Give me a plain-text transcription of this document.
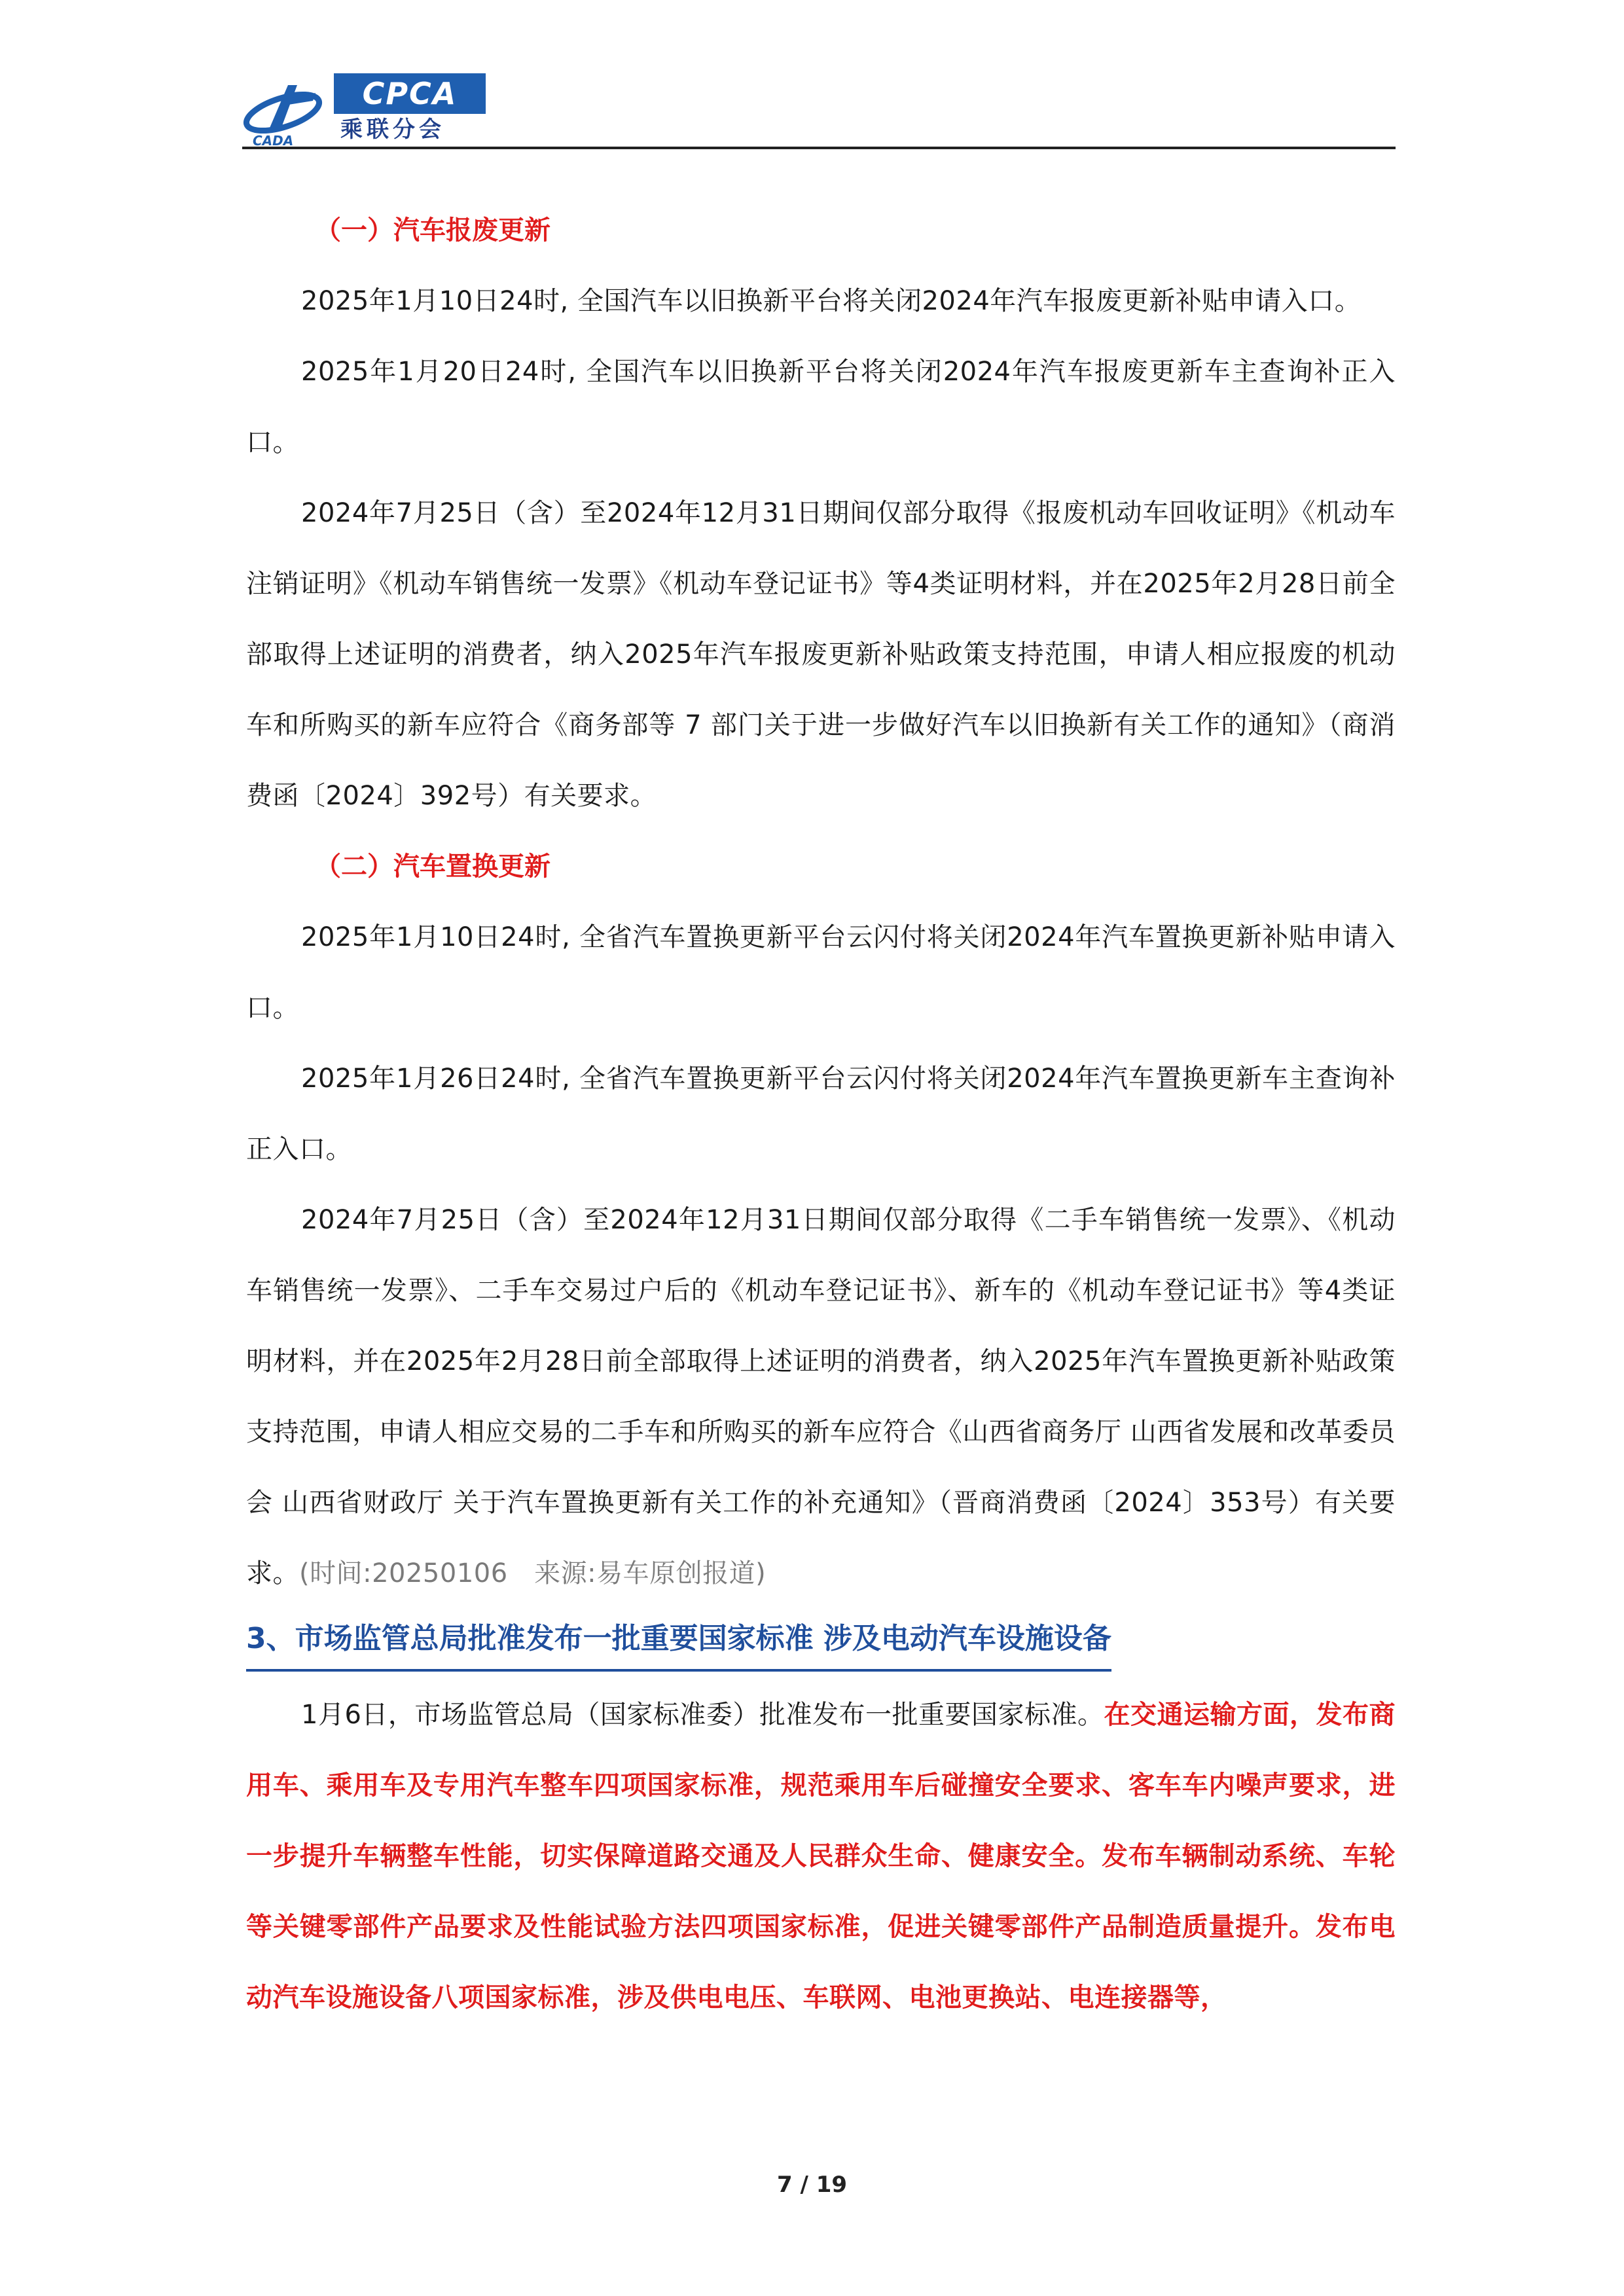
CADA
CPCA
乘联分会

（一）汽车报废更新

2025年1月10日24时, 全国汽车以旧换新平台将关闭2024年汽车报废更新补贴申请入口。

2025年1月20日24时, 全国汽车以旧换新平台将关闭2024年汽车报废更新车主查询补正入口。

2024年7月25日（含）至2024年12月31日期间仅部分取得《报废机动车回收证明》《机动车注销证明》《机动车销售统一发票》《机动车登记证书》等4类证明材料，并在2025年2月28日前全部取得上述证明的消费者，纳入2025年汽车报废更新补贴政策支持范围，申请人相应报废的机动车和所购买的新车应符合《商务部等 7 部门关于进一步做好汽车以旧换新有关工作的通知》（商消费函〔2024〕392号）有关要求。

（二）汽车置换更新

2025年1月10日24时, 全省汽车置换更新平台云闪付将关闭2024年汽车置换更新补贴申请入口。

2025年1月26日24时, 全省汽车置换更新平台云闪付将关闭2024年汽车置换更新车主查询补正入口。

2024年7月25日（含）至2024年12月31日期间仅部分取得《二手车销售统一发票》、《机动车销售统一发票》、二手车交易过户后的《机动车登记证书》、新车的《机动车登记证书》等4类证明材料，并在2025年2月28日前全部取得上述证明的消费者，纳入2025年汽车置换更新补贴政策支持范围，申请人相应交易的二手车和所购买的新车应符合《山西省商务厅 山西省发展和改革委员会 山西省财政厅 关于汽车置换更新有关工作的补充通知》（晋商消费函〔2024〕353号）有关要求。(时间:20250106　来源:易车原创报道)

3、市场监管总局批准发布一批重要国家标准 涉及电动汽车设施设备

1月6日，市场监管总局（国家标准委）批准发布一批重要国家标准。在交通运输方面，发布商用车、乘用车及专用汽车整车四项国家标准，规范乘用车后碰撞安全要求、客车车内噪声要求，进一步提升车辆整车性能，切实保障道路交通及人民群众生命、健康安全。发布车辆制动系统、车轮等关键零部件产品要求及性能试验方法四项国家标准，促进关键零部件产品制造质量提升。发布电动汽车设施设备八项国家标准，涉及供电电压、车联网、电池更换站、电连接器等，

7 / 19
